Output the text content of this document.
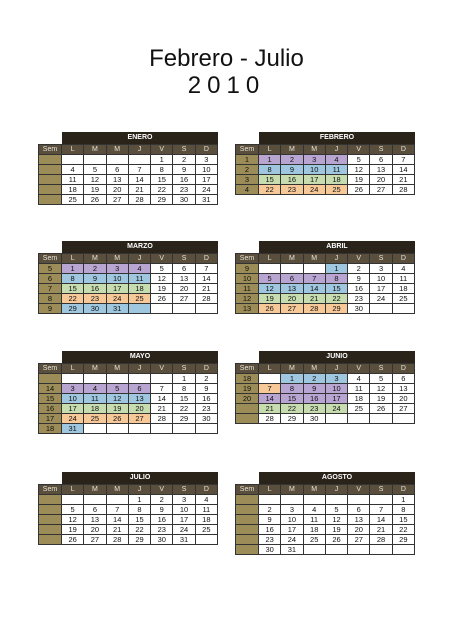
Febrero - Julio
2010
ENERO
Sem	L	M	M	J	V	S	D
					1	2	3
	4	5	6	7	8	9	10
	11	12	13	14	15	16	17
	18	19	20	21	22	23	24
	25	26	27	28	29	30	31
FEBRERO
Sem	L	M	M	J	V	S	D
1	1	2	3	4	5	6	7
2	8	9	10	11	12	13	14
3	15	16	17	18	19	20	21
4	22	23	24	25	26	27	28
MARZO
Sem	L	M	M	J	V	S	D
5	1	2	3	4	5	6	7
6	8	9	10	11	12	13	14
7	15	16	17	18	19	20	21
8	22	23	24	25	26	27	28
9	29	30	31				
ABRIL
Sem	L	M	M	J	V	S	D
9				1	2	3	4
10	5	6	7	8	9	10	11
11	12	13	14	15	16	17	18
12	19	20	21	22	23	24	25
13	26	27	28	29	30		
MAYO
Sem	L	M	M	J	V	S	D
						1	2
14	3	4	5	6	7	8	9
15	10	11	12	13	14	15	16
16	17	18	19	20	21	22	23
17	24	25	26	27	28	29	30
18	31						
JUNIO
Sem	L	M	M	J	V	S	D
18		1	2	3	4	5	6
19	7	8	9	10	11	12	13
20	14	15	16	17	18	19	20
	21	22	23	24	25	26	27
	28	29	30				
JULIO
Sem	L	M	M	J	V	S	D
				1	2	3	4
	5	6	7	8	9	10	11
	12	13	14	15	16	17	18
	19	20	21	22	23	24	25
	26	27	28	29	30	31	
AGOSTO
Sem	L	M	M	J	V	S	D
							1
	2	3	4	5	6	7	8
	9	10	11	12	13	14	15
	16	17	18	19	20	21	22
	23	24	25	26	27	28	29
	30	31					
